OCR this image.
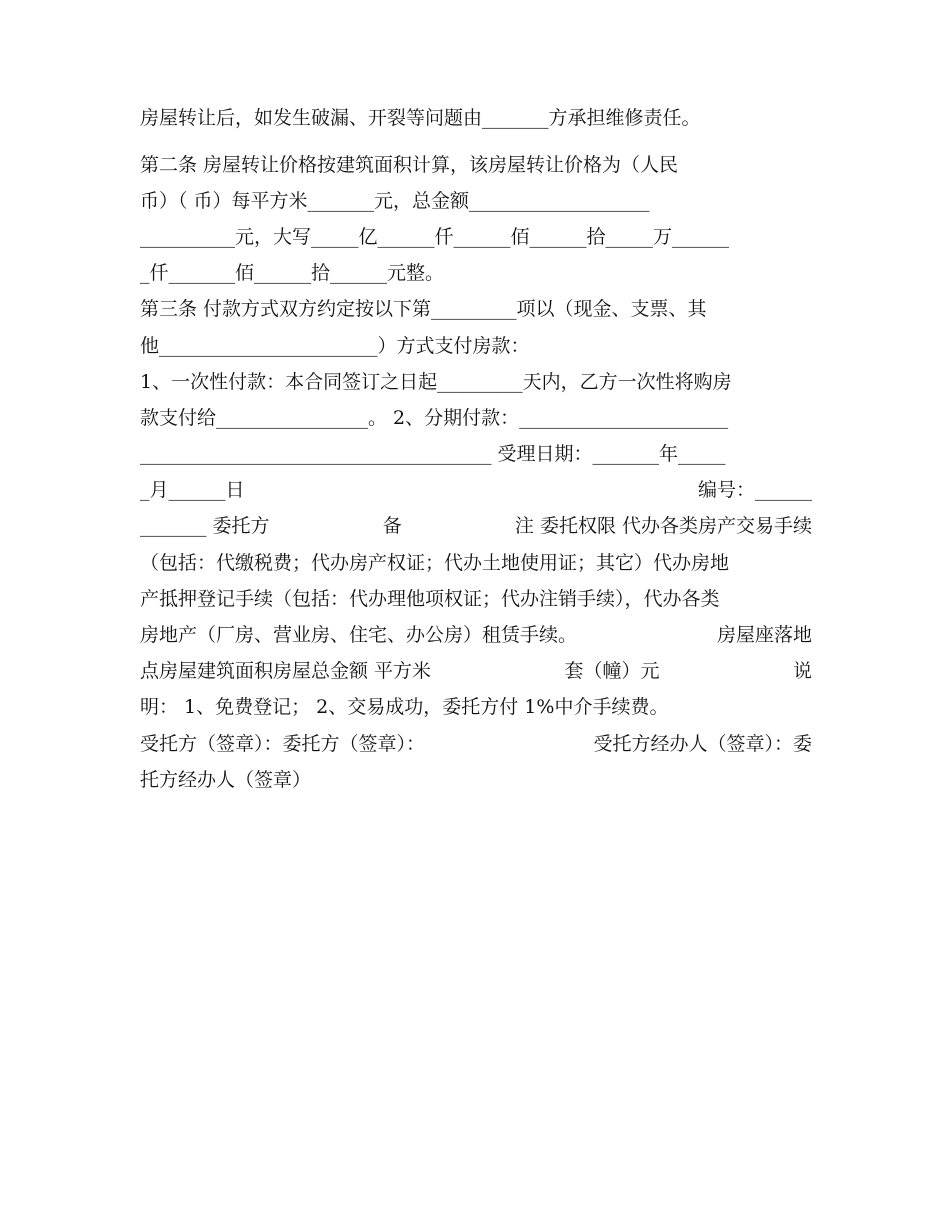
房屋转让后，如发生破漏、开裂等问题由_______方承担维修责任。
第二条 房屋转让价格按建筑面积计算，该房屋转让价格为（人民
币）（ 币）每平方米_______元，总金额___________________
__________元，大写_____亿______仟______佰______拾_____万______
_仟_______佰______拾______元整。
第三条 付款方式双方约定按以下第_________项以（现金、支票、其
他_______________________）方式支付房款：
1、一次性付款：本合同签订之日起_________天内，乙方一次性将购房
款支付给________________。 2、分期付款：______________________
_____________________________________ 受理日期：_______年_____
_月______日	编号：______
_______ 委托方	备	注 委托权限 代办各类房产交易手续
（包括：代缴税费；代办房产权证；代办土地使用证；其它）代办房地
产抵押登记手续（包括：代办理他项权证；代办注销手续），代办各类
房地产（厂房、营业房、住宅、办公房）租赁手续。	房屋座落地
点房屋建筑面积房屋总金额 平方米	套（幢）元	说
明： 1、免费登记； 2、交易成功，委托方付 1%中介手续费。
受托方（签章）：委托方（签章）：	受托方经办人（签章）：委
托方经办人（签章）
